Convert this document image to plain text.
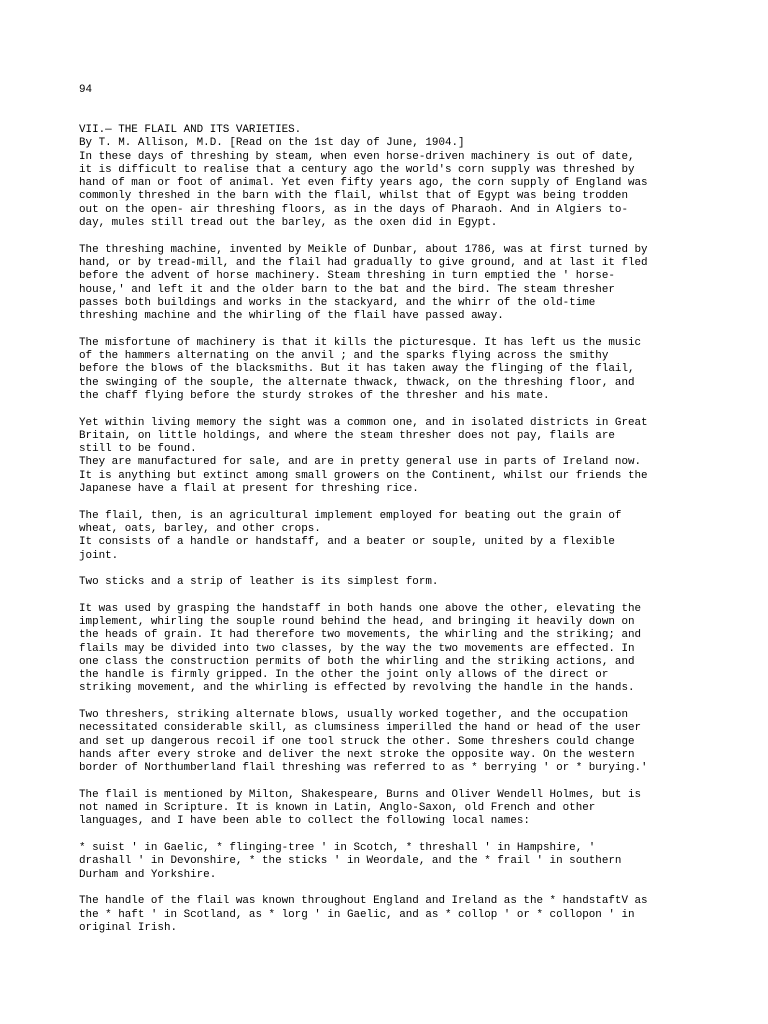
94
VII.— THE FLAIL AND ITS VARIETIES.
By T. M. Allison, M.D. [Read on the 1st day of June, 1904.]
In these days of threshing by steam, when even horse-driven machinery is out of date,
it is difficult to realise that a century ago the world's corn supply was threshed by
hand of man or foot of animal. Yet even fifty years ago, the corn supply of England was
commonly threshed in the barn with the flail, whilst that of Egypt was being trodden
out on the open- air threshing floors, as in the days of Pharaoh. And in Algiers to-
day, mules still tread out the barley, as the oxen did in Egypt.
The threshing machine, invented by Meikle of Dunbar, about 1786, was at first turned by
hand, or by tread-mill, and the flail had gradually to give ground, and at last it fled
before the advent of horse machinery. Steam threshing in turn emptied the ' horse-
house,' and left it and the older barn to the bat and the bird. The steam thresher
passes both buildings and works in the stackyard, and the whirr of the old-time
threshing machine and the whirling of the flail have passed away.
The misfortune of machinery is that it kills the picturesque. It has left us the music
of the hammers alternating on the anvil ; and the sparks flying across the smithy
before the blows of the blacksmiths. But it has taken away the flinging of the flail,
the swinging of the souple, the alternate thwack, thwack, on the threshing floor, and
the chaff flying before the sturdy strokes of the thresher and his mate.
Yet within living memory the sight was a common one, and in isolated districts in Great
Britain, on little holdings, and where the steam thresher does not pay, flails are
still to be found.
They are manufactured for sale, and are in pretty general use in parts of Ireland now.
It is anything but extinct among small growers on the Continent, whilst our friends the
Japanese have a flail at present for threshing rice.
The flail, then, is an agricultural implement employed for beating out the grain of
wheat, oats, barley, and other crops.
It consists of a handle or handstaff, and a beater or souple, united by a flexible
joint.
Two sticks and a strip of leather is its simplest form.
It was used by grasping the handstaff in both hands one above the other, elevating the
implement, whirling the souple round behind the head, and bringing it heavily down on
the heads of grain. It had therefore two movements, the whirling and the striking; and
flails may be divided into two classes, by the way the two movements are effected. In
one class the construction permits of both the whirling and the striking actions, and
the handle is firmly gripped. In the other the joint only allows of the direct or
striking movement, and the whirling is effected by revolving the handle in the hands.
Two threshers, striking alternate blows, usually worked together, and the occupation
necessitated considerable skill, as clumsiness imperilled the hand or head of the user
and set up dangerous recoil if one tool struck the other. Some threshers could change
hands after every stroke and deliver the next stroke the opposite way. On the western
border of Northumberland flail threshing was referred to as * berrying ' or * burying.'
The flail is mentioned by Milton, Shakespeare, Burns and Oliver Wendell Holmes, but is
not named in Scripture. It is known in Latin, Anglo-Saxon, old French and other
languages, and I have been able to collect the following local names:
* suist ' in Gaelic, * flinging-tree ' in Scotch, * threshall ' in Hampshire, '
drashall ' in Devonshire, * the sticks ' in Weordale, and the * frail ' in southern
Durham and Yorkshire.
The handle of the flail was known throughout England and Ireland as the * handstaftV as
the * haft ' in Scotland, as * lorg ' in Gaelic, and as * collop ' or * collopon ' in
original Irish.
